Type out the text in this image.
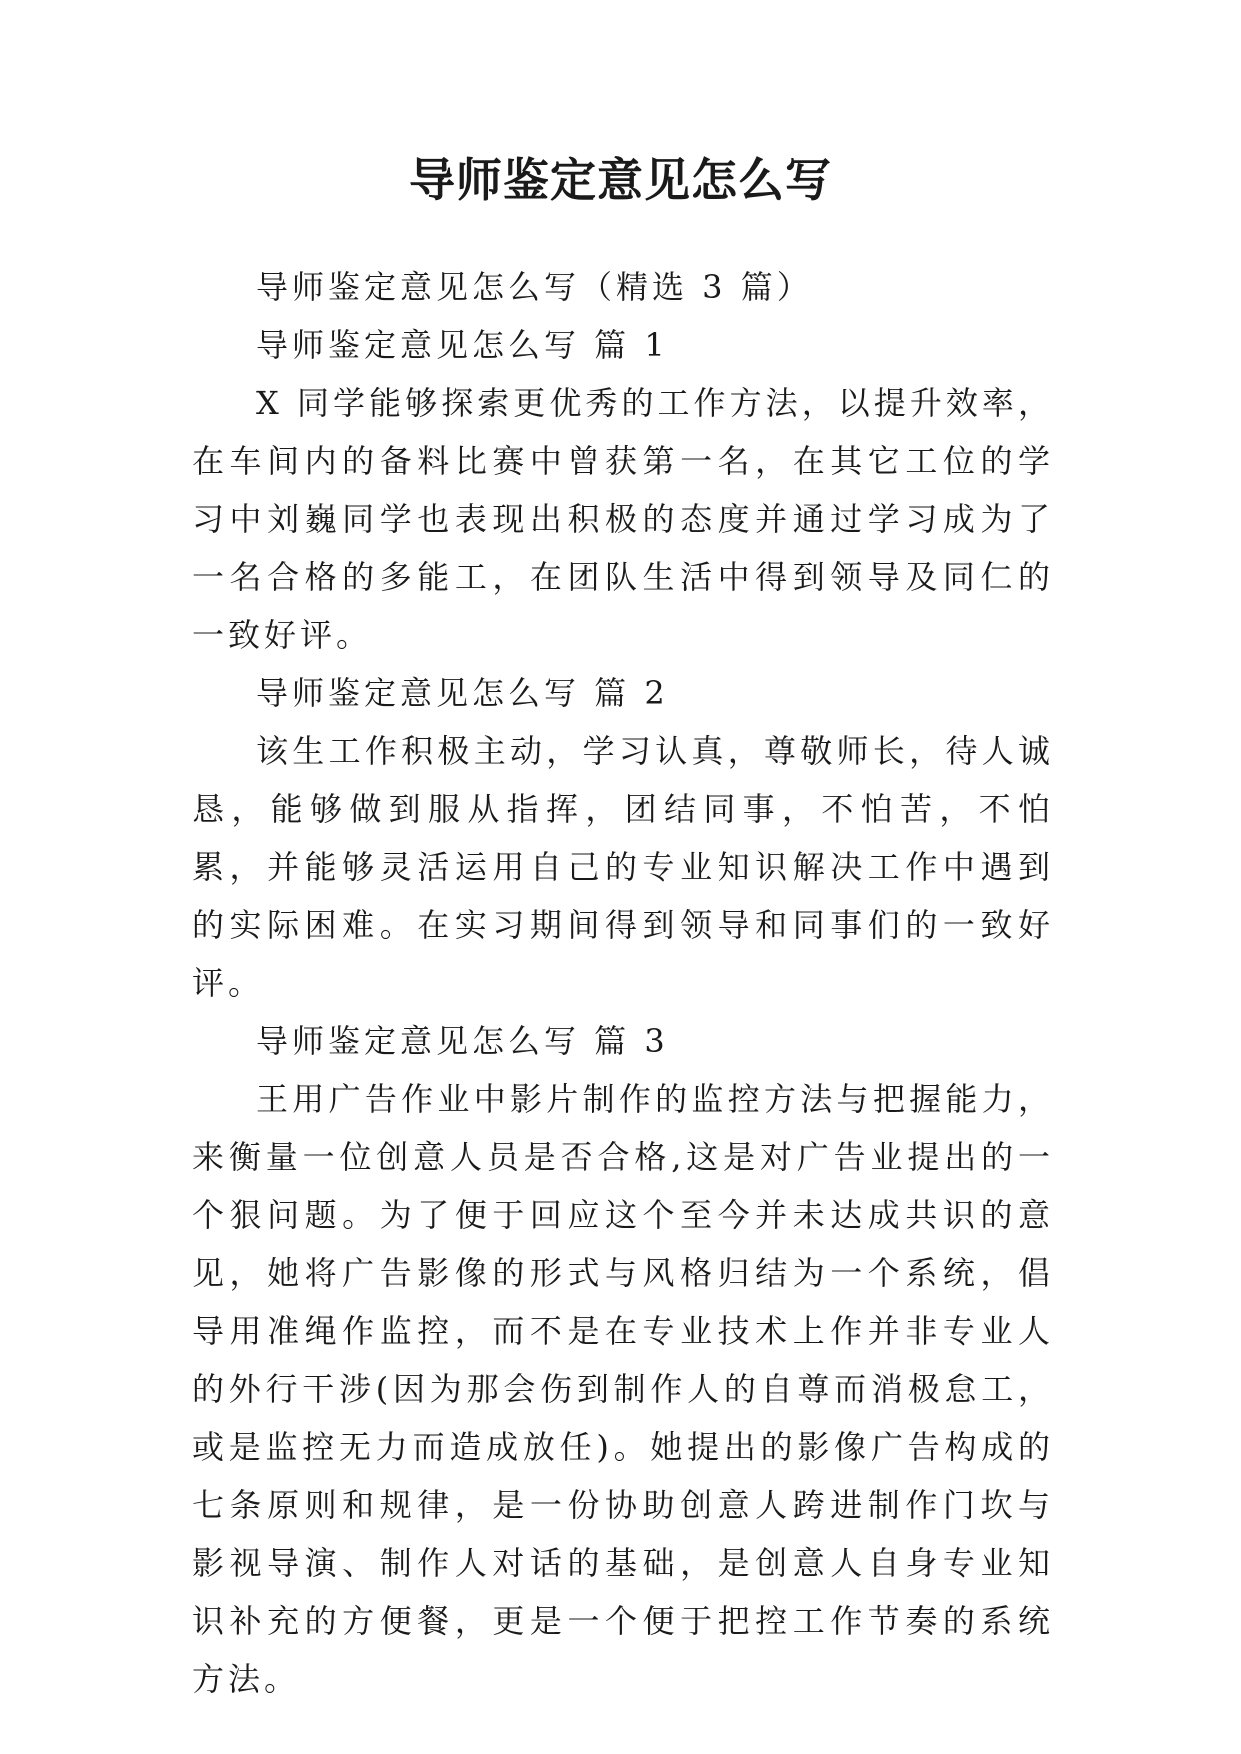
导师鉴定意见怎么写

导师鉴定意见怎么写（精选 3 篇）

导师鉴定意见怎么写 篇 1

X 同学能够探索更优秀的工作方法，以提升效率，在车间内的备料比赛中曾获第一名，在其它工位的学习中刘巍同学也表现出积极的态度并通过学习成为了一名合格的多能工，在团队生活中得到领导及同仁的一致好评。

导师鉴定意见怎么写 篇 2

该生工作积极主动，学习认真，尊敬师长，待人诚恳，能够做到服从指挥，团结同事，不怕苦，不怕累，并能够灵活运用自己的专业知识解决工作中遇到的实际困难。在实习期间得到领导和同事们的一致好评。

导师鉴定意见怎么写 篇 3

王用广告作业中影片制作的监控方法与把握能力，来衡量一位创意人员是否合格,这是对广告业提出的一个狠问题。为了便于回应这个至今并未达成共识的意见，她将广告影像的形式与风格归结为一个系统，倡导用准绳作监控，而不是在专业技术上作并非专业人的外行干涉(因为那会伤到制作人的自尊而消极怠工，或是监控无力而造成放任)。她提出的影像广告构成的七条原则和规律，是一份协助创意人跨进制作门坎与影视导演、制作人对话的基础，是创意人自身专业知识补充的方便餐，更是一个便于把控工作节奏的系统方法。
